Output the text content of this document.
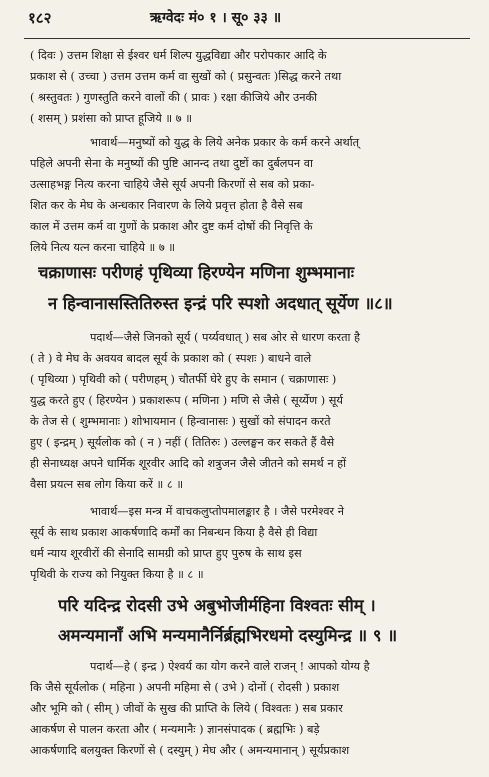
१८२	ऋग्वेदः मं० १ । सू० ३३ ॥
( दिवः ) उत्तम शिक्षा से ईश्वर धर्म शिल्प युद्धविद्या और परोपकार आदि के
प्रकाश से ( उच्चा ) उत्तम उत्तम कर्म वा सुखों को ( प्रसुन्वतः )सिद्ध करने तथा
( श्रस्तुवतः ) गुणस्तुति करने वालों की ( प्रावः ) रक्षा कीजिये और उनकी
( शसम् ) प्रशंसा को प्राप्त हूजिये ॥ ७ ॥
भावार्थ—मनुष्यों को युद्ध के लिये अनेक प्रकार के कर्म करने अर्थात्
पहिले अपनी सेना के मनुष्यों की पुष्टि आनन्द तथा दुष्टों का दुर्बलपन वा
उत्साहभङ्ग नित्य करना चाहिये जैसे सूर्य अपनी किरणों से सब को प्रका-
शित कर के मेघ के अन्धकार निवारण के लिये प्रवृत्त होता है वैसे सब
काल में उत्तम कर्म वा गुणों के प्रकाश और दुष्ट कर्म दोषों की निवृत्ति के
लिये नित्य यत्न करना चाहिये ॥ ७ ॥
चक्राणासः परीणहं पृथिव्या हिरण्येन मणिना शुम्भमानाः
न हिन्वानासस्तितिरुस्त इन्द्रं परि स्पशो अदधात् सूर्येण ॥८॥
पदार्थ—जैसे जिनको सूर्य ( पर्य्यवधात् ) सब ओर से धारण करता है
( ते ) वे मेघ के अवयव बादल सूर्य के प्रकाश को ( स्पशः ) बाधने वाले
( पृथिव्या ) पृथिवी को ( परीणहम् ) चौतर्फी घेरे हुए के समान ( चक्राणासः )
युद्ध करते हुए ( हिरण्येन ) प्रकाशरूप ( मणिना ) मणि से जैसे ( सूर्य्येण ) सूर्य
के तेज से ( शुम्भमानाः ) शोभायमान ( हिन्वानासः ) सुखों को संपादन करते
हुए ( इन्द्रम् ) सूर्यलोक को ( न ) नहीं ( तितिरुः ) उल्लङ्घन कर सकते हैं वैसे
ही सेनाध्यक्ष अपने धार्मिक शूरवीर आदि को शत्रुजन जैसे जीतने को समर्थ न हों
वैसा प्रयत्न सब लोग किया करें ॥ ८ ॥
भावार्थ—इस मन्त्र में वाचकलुप्तोपमालङ्कार है । जैसे परमेश्वर ने
सूर्य के साथ प्रकाश आकर्षणादि कर्मों का निबन्धन किया है वैसे ही विद्या
धर्म न्याय शूरवीरों की सेनादि सामग्री को प्राप्त हुए पुरुष के साथ इस
पृथिवी के राज्य को नियुक्त किया है ॥ ८ ॥
परि यदिन्द्र रोदसी उभे अबुभोजीर्महिना विश्वतः सीम् ।
अमन्यमानाँ अभि मन्यमानैर्निर्ब्रह्मभिरधमो दस्युमिन्द्र ॥ ९ ॥
पदार्थ—हे ( इन्द्र ) ऐश्वर्य का योग करने वाले राजन् ! आपको योग्य है
कि जैसे सूर्यलोक ( महिना ) अपनी महिमा से ( उभे ) दोनों ( रोदसी ) प्रकाश
और भूमि को ( सीम् ) जीवों के सुख की प्राप्ति के लिये ( विश्वतः ) सब प्रकार
आकर्षण से पालन करता और ( मन्यमानैः ) ज्ञानसंपादक ( ब्रह्मभिः ) बड़े
आकर्षणादि बलयुक्त किरणों से ( दस्युम् ) मेघ और ( अमन्यमानान् ) सूर्यप्रकाश
